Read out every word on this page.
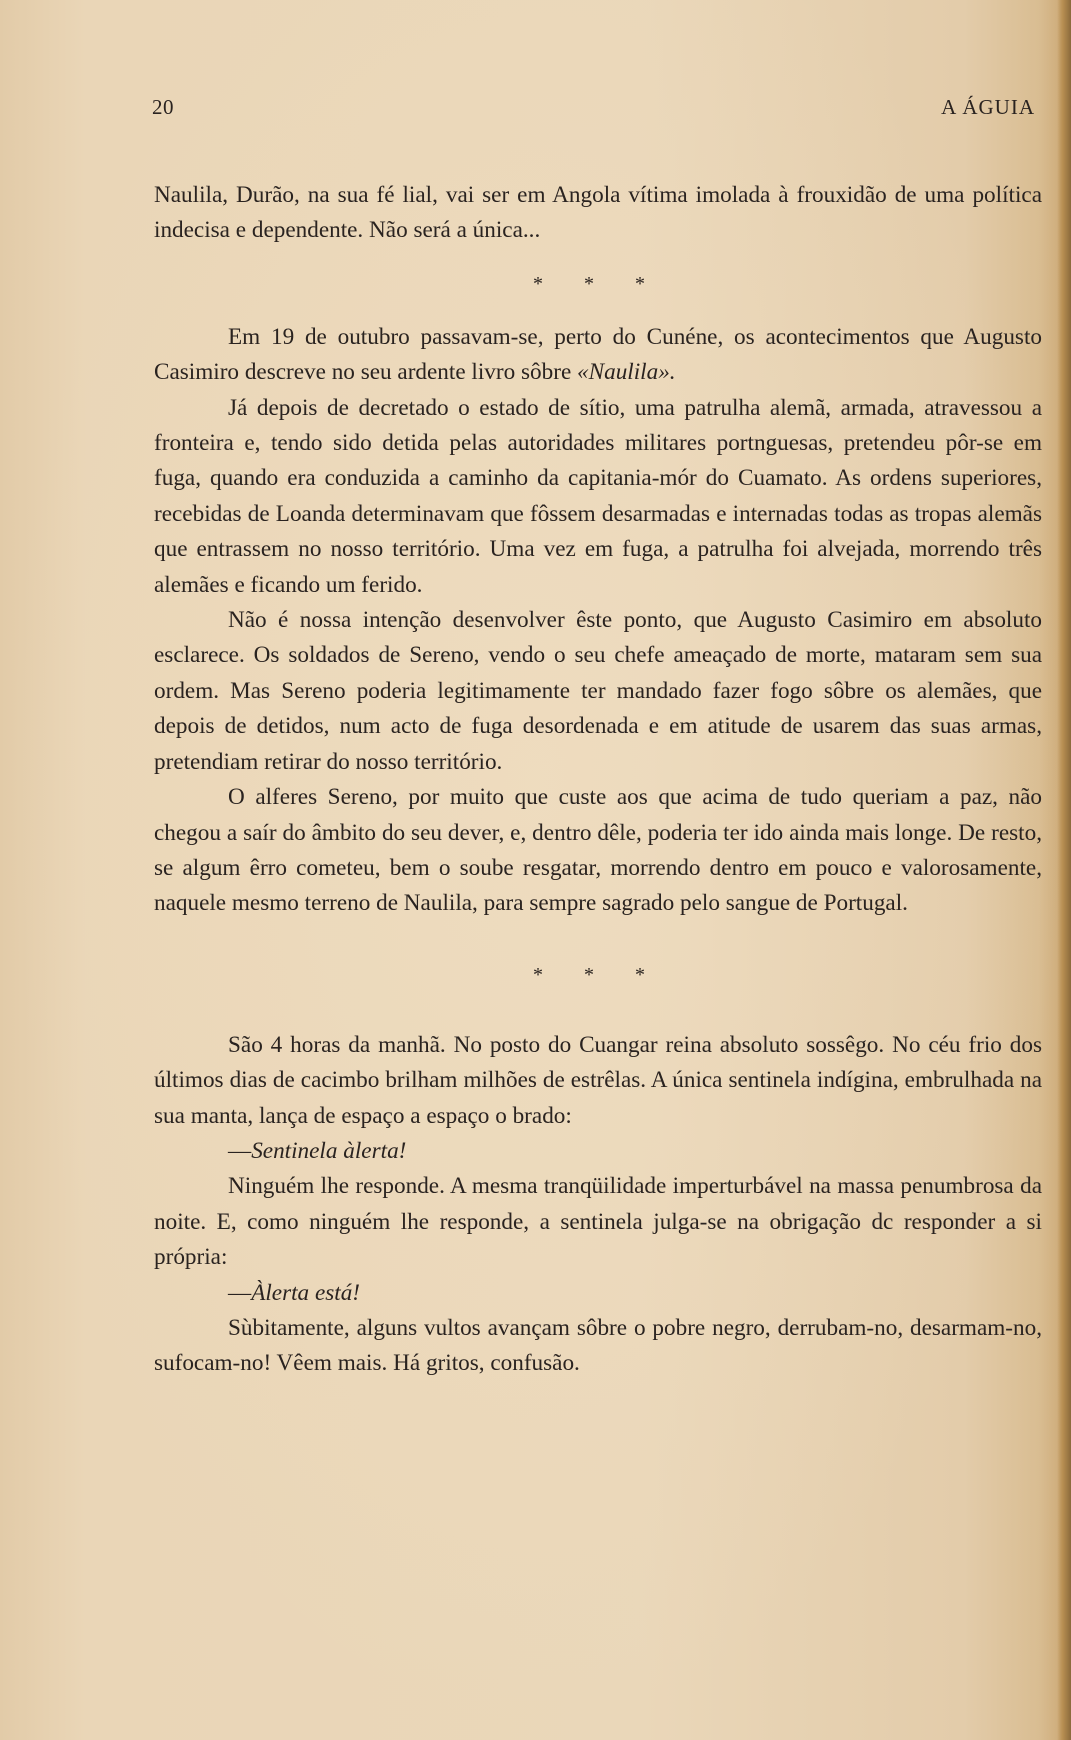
20	A ÁGUIA

Naulila, Durão, na sua fé lial, vai ser em Angola vítima imolada à frouxidão de uma política indecisa e dependente. Não será a única...

* * *

Em 19 de outubro passavam-se, perto do Cunéne, os acontecimentos que Augusto Casimiro descreve no seu ardente livro sôbre «Naulila».

Já depois de decretado o estado de sítio, uma patrulha alemã, armada, atravessou a fronteira e, tendo sido detida pelas autoridades militares portnguesas, pretendeu pôr-se em fuga, quando era conduzida a caminho da capitania-mór do Cuamato. As ordens superiores, recebidas de Loanda determinavam que fôssem desarmadas e internadas todas as tropas alemãs que entrassem no nosso território. Uma vez em fuga, a patrulha foi alvejada, morrendo três alemães e ficando um ferido.

Não é nossa intenção desenvolver êste ponto, que Augusto Casimiro em absoluto esclarece. Os soldados de Sereno, vendo o seu chefe ameaçado de morte, mataram sem sua ordem. Mas Sereno poderia legitimamente ter mandado fazer fogo sôbre os alemães, que depois de detidos, num acto de fuga desordenada e em atitude de usarem das suas armas, pretendiam retirar do nosso território.

O alferes Sereno, por muito que custe aos que acima de tudo queriam a paz, não chegou a saír do âmbito do seu dever, e, dentro dêle, poderia ter ido ainda mais longe. De resto, se algum êrro cometeu, bem o soube resgatar, morrendo dentro em pouco e valorosamente, naquele mesmo terreno de Naulila, para sempre sagrado pelo sangue de Portugal.

* * *

São 4 horas da manhã. No posto do Cuangar reina absoluto sossêgo. No céu frio dos últimos dias de cacimbo brilham milhões de estrêlas. A única sentinela indígina, embrulhada na sua manta, lança de espaço a espaço o brado:

—Sentinela àlerta!

Ninguém lhe responde. A mesma tranqüilidade imperturbável na massa penumbrosa da noite. E, como ninguém lhe responde, a sentinela julga-se na obrigação dc responder a si própria:

—Àlerta está!

Sùbitamente, alguns vultos avançam sôbre o pobre negro, derrubam-no, desarmam-no, sufocam-no! Vêem mais. Há gritos, confusão.
